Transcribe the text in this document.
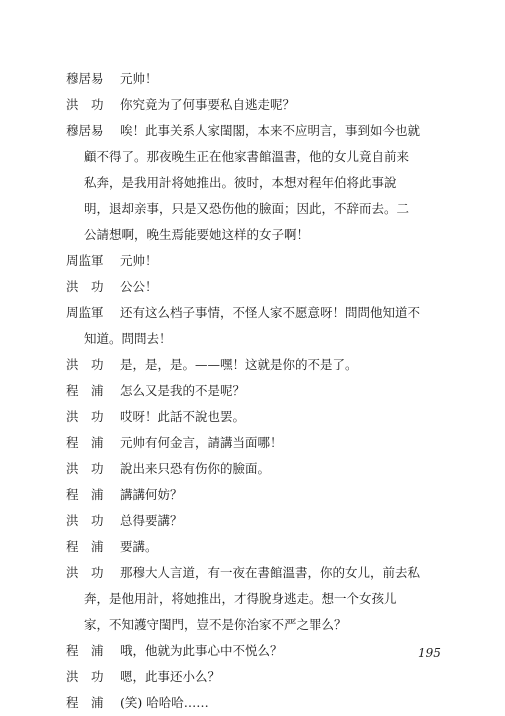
穆居易 元帅！
洪　功 你究竟为了何事要私自逃走呢？
穆居易 唉！此事关系人家閨閣，本来不应明言，事到如今也就
顧不得了。那夜晚生正在他家書館溫書，他的女儿竟自前来
私奔，是我用計将她推出。彼时，本想对程年伯将此事說
明，退却亲事，只是又恐伤他的臉面；因此，不辞而去。二
公請想啊，晚生焉能要她这样的女子啊！
周监軍 元帅！
洪　功 公公！
周监軍 还有这么档子事情，不怪人家不愿意呀！問問他知道不
知道。問問去！
洪　功 是，是，是。——嘿！这就是你的不是了。
程　浦 怎么又是我的不是呢？
洪　功 哎呀！此話不說也罢。
程　浦 元帅有何金言，請講当面哪！
洪　功 說出来只恐有伤你的臉面。
程　浦 講講何妨？
洪　功 总得要講？
程　浦 要講。
洪　功 那穆大人言道，有一夜在書館溫書，你的女儿，前去私
奔，是他用計，将她推出，才得脫身逃走。想一个女孩儿
家，不知護守閨門，豈不是你治家不严之罪么？
程　浦 哦，他就为此事心中不悦么？
洪　功 嗯，此事还小么？
程　浦 (笑) 哈哈哈……
195
